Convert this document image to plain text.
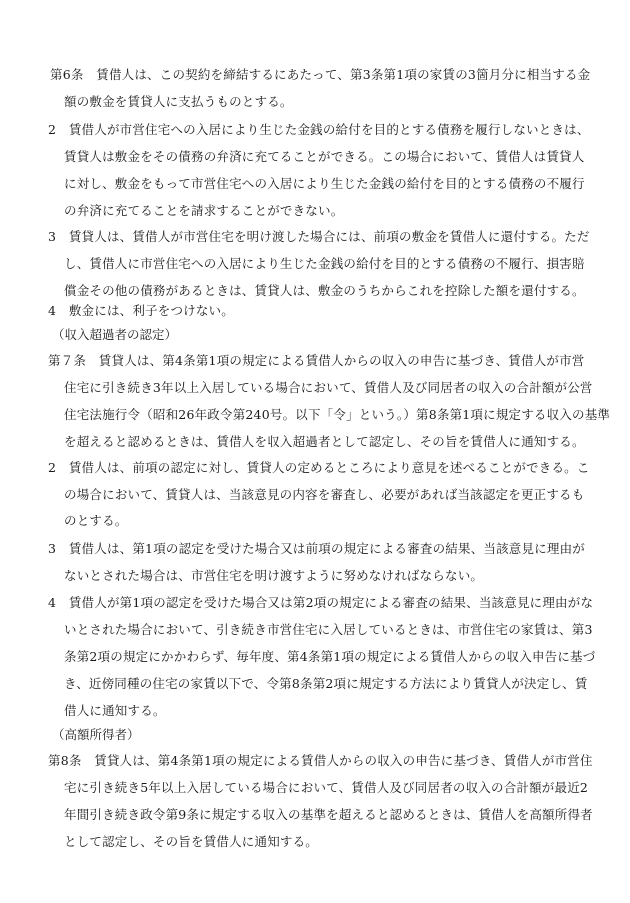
第6条　賃借人は、この契約を締結するにあたって、第3条第1項の家賃の3箇月分に相当する金
額の敷金を賃貸人に支払うものとする。
2　賃借人が市営住宅への入居により生じた金銭の給付を目的とする債務を履行しないときは、
賃貸人は敷金をその債務の弁済に充てることができる。この場合において、賃借人は賃貸人
に対し、敷金をもって市営住宅への入居により生じた金銭の給付を目的とする債務の不履行
の弁済に充てることを請求することができない。
3　賃貸人は、賃借人が市営住宅を明け渡した場合には、前項の敷金を賃借人に還付する。ただ
し、賃借人に市営住宅への入居により生じた金銭の給付を目的とする債務の不履行、損害賠
償金その他の債務があるときは、賃貸人は、敷金のうちからこれを控除した額を還付する。
4　敷金には、利子をつけない。
（収入超過者の認定）
第７条　賃貸人は、第4条第1項の規定による賃借人からの収入の申告に基づき、賃借人が市営
住宅に引き続き3年以上入居している場合において、賃借人及び同居者の収入の合計額が公営
住宅法施行令（昭和26年政令第240号。以下「令」という。）第8条第1項に規定する収入の基準
を超えると認めるときは、賃借人を収入超過者として認定し、その旨を賃借人に通知する。
2　賃借人は、前項の認定に対し、賃貸人の定めるところにより意見を述べることができる。こ
の場合において、賃貸人は、当該意見の内容を審査し、必要があれば当該認定を更正するも
のとする。
3　賃借人は、第1項の認定を受けた場合又は前項の規定による審査の結果、当該意見に理由が
ないとされた場合は、市営住宅を明け渡すように努めなければならない。
4　賃借人が第1項の認定を受けた場合又は第2項の規定による審査の結果、当該意見に理由がな
いとされた場合において、引き続き市営住宅に入居しているときは、市営住宅の家賃は、第3
条第2項の規定にかかわらず、毎年度、第4条第1項の規定による賃借人からの収入申告に基づ
き、近傍同種の住宅の家賃以下で、令第8条第2項に規定する方法により賃貸人が決定し、賃
借人に通知する。
（高額所得者）
第8条　賃貸人は、第4条第1項の規定による賃借人からの収入の申告に基づき、賃借人が市営住
宅に引き続き5年以上入居している場合において、賃借人及び同居者の収入の合計額が最近2
年間引き続き政令第9条に規定する収入の基準を超えると認めるときは、賃借人を高額所得者
として認定し、その旨を賃借人に通知する。
